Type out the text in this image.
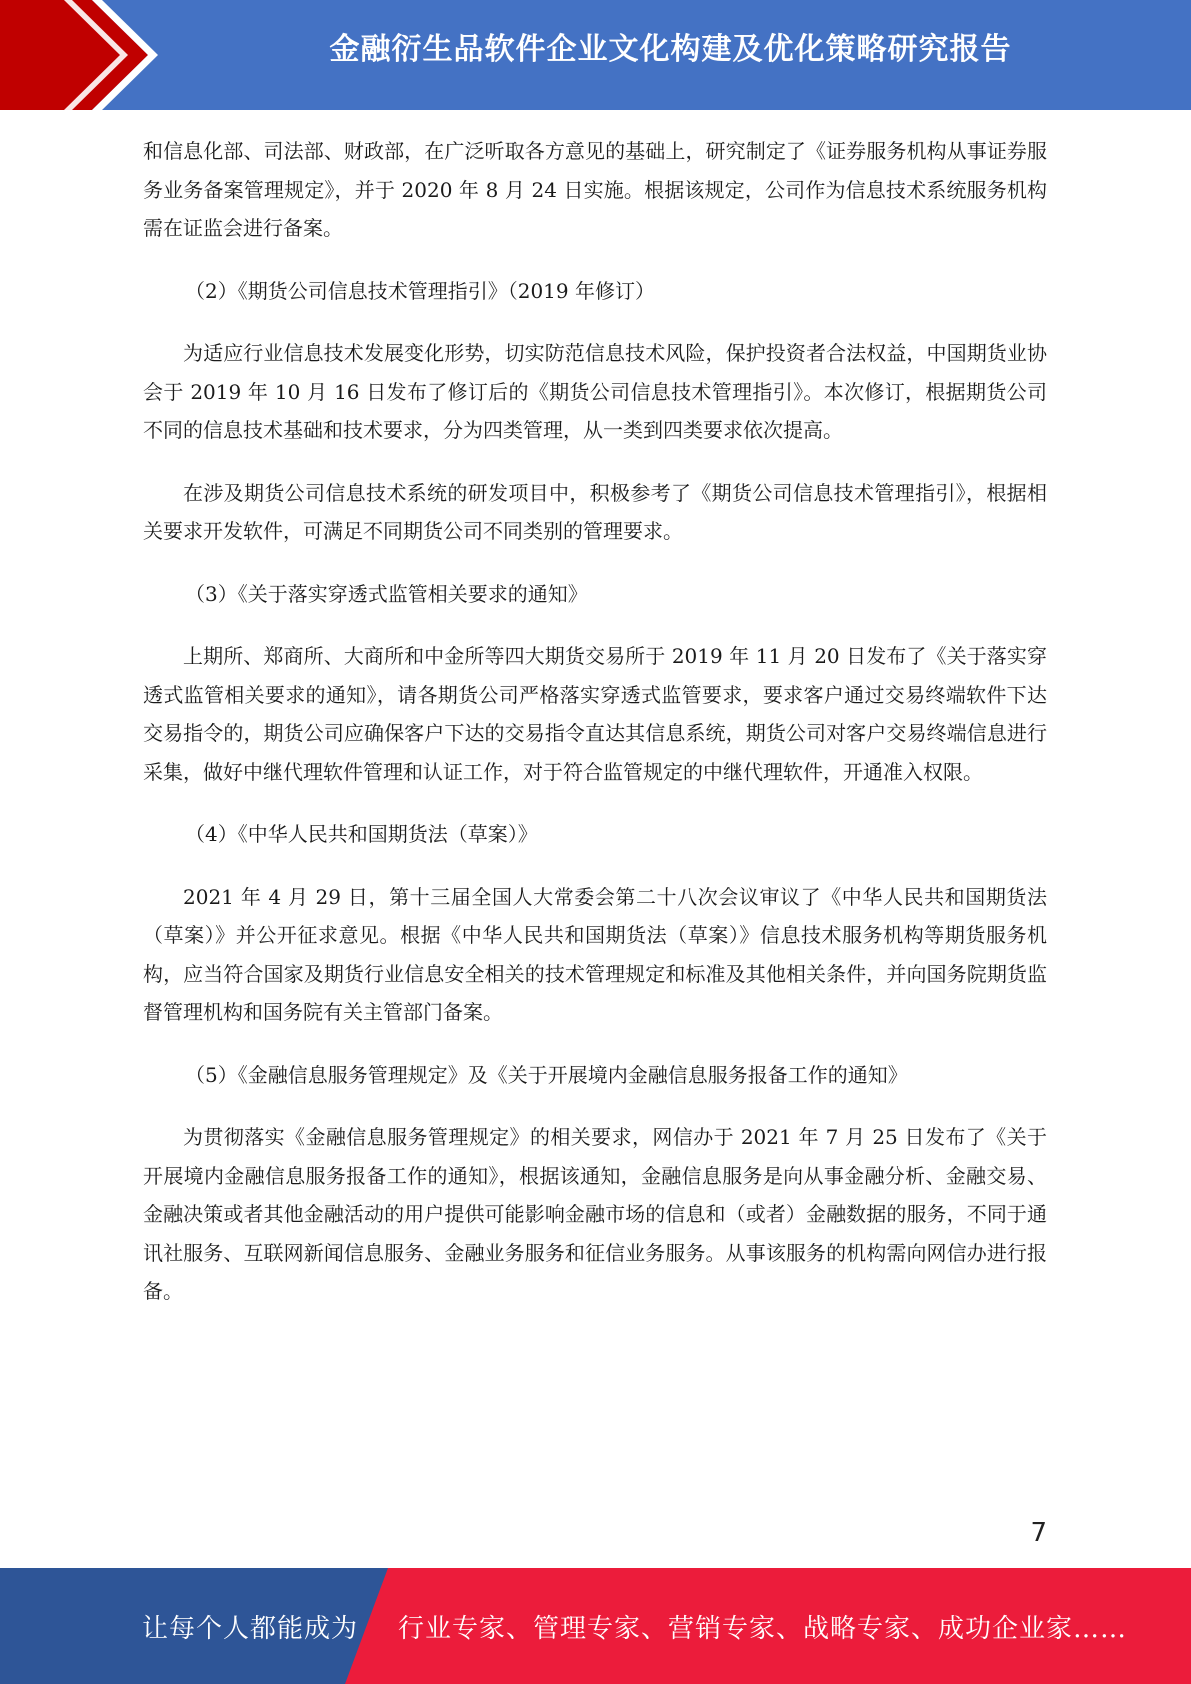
金融衍生品软件企业文化构建及优化策略研究报告
和信息化部、司法部、财政部，在广泛听取各方意见的基础上，研究制定了《证券服务机构从事证券服务业务备案管理规定》，并于 2020 年 8 月 24 日实施。根据该规定，公司作为信息技术系统服务机构需在证监会进行备案。
（2）《期货公司信息技术管理指引》（2019 年修订）
为适应行业信息技术发展变化形势，切实防范信息技术风险，保护投资者合法权益，中国期货业协会于 2019 年 10 月 16 日发布了修订后的《期货公司信息技术管理指引》。本次修订，根据期货公司不同的信息技术基础和技术要求，分为四类管理，从一类到四类要求依次提高。
在涉及期货公司信息技术系统的研发项目中，积极参考了《期货公司信息技术管理指引》，根据相关要求开发软件，可满足不同期货公司不同类别的管理要求。
（3）《关于落实穿透式监管相关要求的通知》
上期所、郑商所、大商所和中金所等四大期货交易所于 2019 年 11 月 20 日发布了《关于落实穿透式监管相关要求的通知》，请各期货公司严格落实穿透式监管要求，要求客户通过交易终端软件下达交易指令的，期货公司应确保客户下达的交易指令直达其信息系统，期货公司对客户交易终端信息进行采集，做好中继代理软件管理和认证工作，对于符合监管规定的中继代理软件，开通准入权限。
（4）《中华人民共和国期货法（草案）》
2021 年 4 月 29 日，第十三届全国人大常委会第二十八次会议审议了《中华人民共和国期货法（草案）》并公开征求意见。根据《中华人民共和国期货法（草案）》信息技术服务机构等期货服务机构，应当符合国家及期货行业信息安全相关的技术管理规定和标准及其他相关条件，并向国务院期货监督管理机构和国务院有关主管部门备案。
（5）《金融信息服务管理规定》及《关于开展境内金融信息服务报备工作的通知》
为贯彻落实《金融信息服务管理规定》的相关要求，网信办于 2021 年 7 月 25 日发布了《关于开展境内金融信息服务报备工作的通知》，根据该通知，金融信息服务是向从事金融分析、金融交易、金融决策或者其他金融活动的用户提供可能影响金融市场的信息和（或者）金融数据的服务，不同于通讯社服务、互联网新闻信息服务、金融业务服务和征信业务服务。从事该服务的机构需向网信办进行报备。
7
让每个人都能成为 行业专家、管理专家、营销专家、战略专家、成功企业家……
